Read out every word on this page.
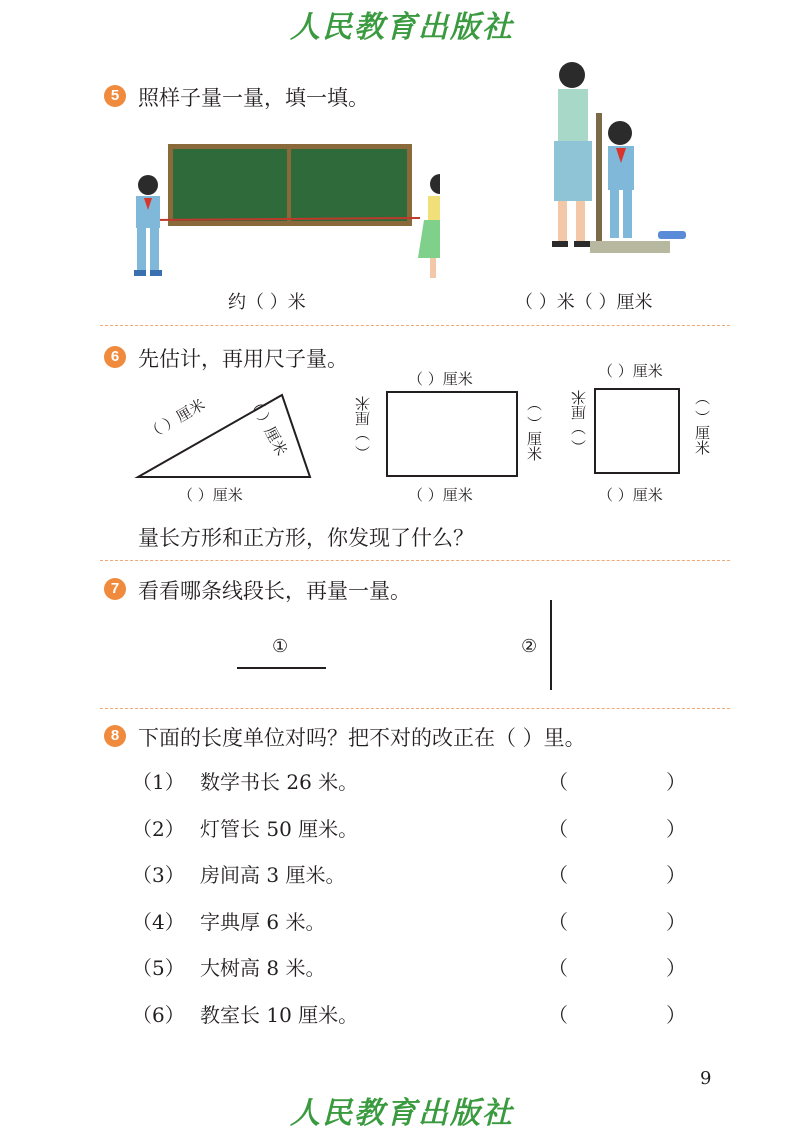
人民教育出版社
5 照样子量一量，填一填。
约（ ）米	（ ）米（ ）厘米
6 先估计，再用尺子量。
（ ）厘米 （ ）厘米
（ ）厘米
（ ）厘米
（ ）厘米
（ ）厘米	（ ）厘米
（ ）厘米
（ ）厘米
（ ）厘米	（ ）厘米
量长方形和正方形，你发现了什么？
7 看看哪条线段长，再量一量。
①	②
8 下面的长度单位对吗？把不对的改正在（ ）里。
（1） 数学书长 26 米。	（	）
（2） 灯管长 50 厘米。	（	）
（3） 房间高 3 厘米。	（	）
（4） 字典厚 6 米。	（	）
（5） 大树高 8 米。	（	）
（6） 教室长 10 厘米。	（	）
9
人民教育出版社
